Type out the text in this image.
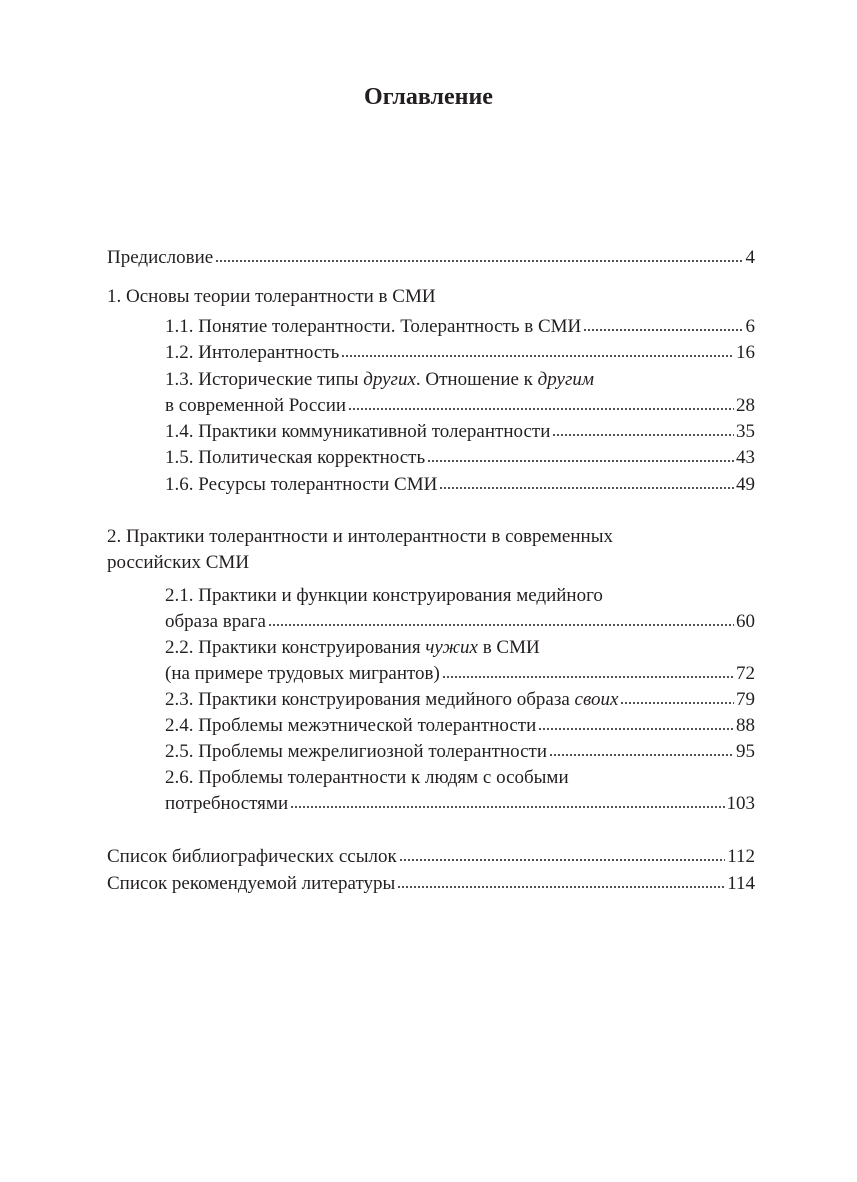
Оглавление
Предисловие	4
1. Основы теории толерантности в СМИ
1.1. Понятие толерантности. Толерантность в СМИ	6
1.2. Интолерантность	16
1.3. Исторические типы других . Отношение к другим
в современной России	28
1.4. Практики коммуникативной толерантности	35
1.5. Политическая корректность	43
1.6. Ресурсы толерантности СМИ	49
2. Практики толерантности и интолерантности в современных
российских СМИ
2.1. Практики и функции конструирования медийного
образа врага	60
2.2. Практики конструирования чужих в СМИ
(на примере трудовых мигрантов)	72
2.3. Практики конструирования медийного образа своих	79
2.4. Проблемы межэтнической толерантности	88
2.5. Проблемы межрелигиозной толерантности	95
2.6. Проблемы толерантности к людям с особыми
потребностями	103
Список библиографических ссылок	112
Список рекомендуемой литературы	114
